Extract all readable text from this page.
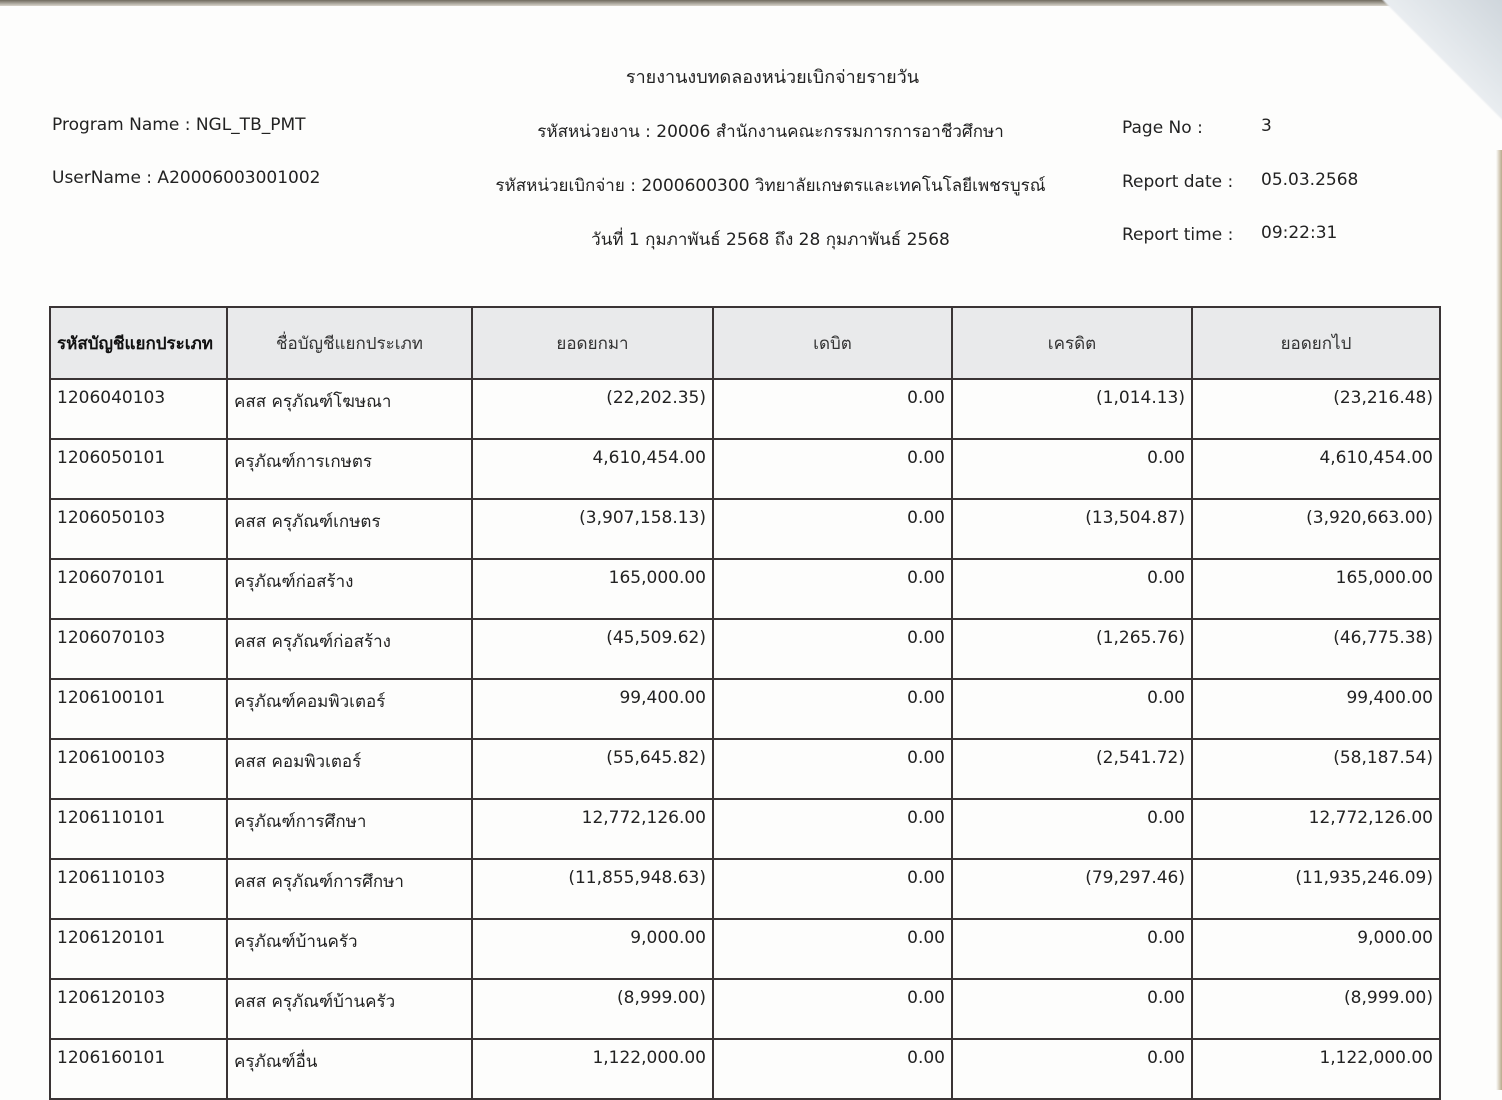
รายงานงบทดลองหน่วยเบิกจ่ายรายวัน
Program Name : NGL_TB_PMT
UserName : A20006003001002
รหัสหน่วยงาน : 20006 สำนักงานคณะกรรมการการอาชีวศึกษา
รหัสหน่วยเบิกจ่าย : 2000600300 วิทยาลัยเกษตรและเทคโนโลยีเพชรบูรณ์
วันที่ 1 กุมภาพันธ์ 2568 ถึง 28 กุมภาพันธ์ 2568
Page No :	3
Report date : 05.03.2568
Report time : 09:22:31
รหัสบัญชีแยกประเภท	ชื่อบัญชีแยกประเภท	ยอดยกมา	เดบิต	เครดิต	ยอดยกไป
1206040103	คสส ครุภัณฑ์โฆษณา	(22,202.35)	0.00	(1,014.13)	(23,216.48)
1206050101	ครุภัณฑ์การเกษตร	4,610,454.00	0.00	0.00	4,610,454.00
1206050103	คสส ครุภัณฑ์เกษตร	(3,907,158.13)	0.00	(13,504.87)	(3,920,663.00)
1206070101	ครุภัณฑ์ก่อสร้าง	165,000.00	0.00	0.00	165,000.00
1206070103	คสส ครุภัณฑ์ก่อสร้าง	(45,509.62)	0.00	(1,265.76)	(46,775.38)
1206100101	ครุภัณฑ์คอมพิวเตอร์	99,400.00	0.00	0.00	99,400.00
1206100103	คสส คอมพิวเตอร์	(55,645.82)	0.00	(2,541.72)	(58,187.54)
1206110101	ครุภัณฑ์การศึกษา	12,772,126.00	0.00	0.00	12,772,126.00
1206110103	คสส ครุภัณฑ์การศึกษา	(11,855,948.63)	0.00	(79,297.46)	(11,935,246.09)
1206120101	ครุภัณฑ์บ้านครัว	9,000.00	0.00	0.00	9,000.00
1206120103	คสส ครุภัณฑ์บ้านครัว	(8,999.00)	0.00	0.00	(8,999.00)
1206160101	ครุภัณฑ์อื่น	1,122,000.00	0.00	0.00	1,122,000.00
